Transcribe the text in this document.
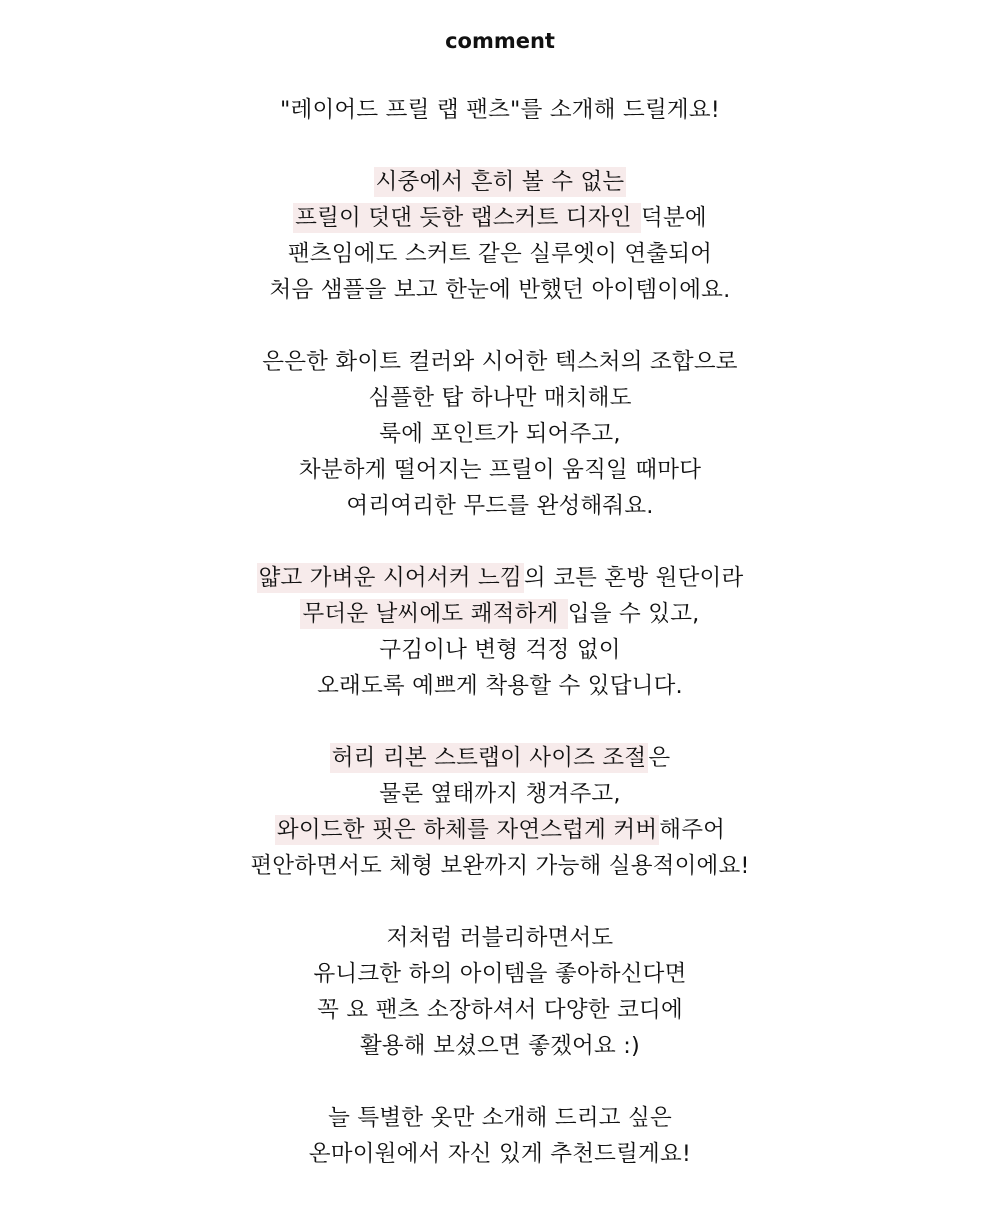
comment
"레이어드 프릴 랩 팬츠"를 소개해 드릴게요!
시중에서 흔히 볼 수 없는
프릴이 덧댄 듯한 랩스커트 디자인 덕분에
팬츠임에도 스커트 같은 실루엣이 연출되어
처음 샘플을 보고 한눈에 반했던 아이템이에요.
은은한 화이트 컬러와 시어한 텍스처의 조합으로
심플한 탑 하나만 매치해도
룩에 포인트가 되어주고,
차분하게 떨어지는 프릴이 움직일 때마다
여리여리한 무드를 완성해줘요.
얇고 가벼운 시어서커 느낌의 코튼 혼방 원단이라
무더운 날씨에도 쾌적하게 입을 수 있고,
구김이나 변형 걱정 없이
오래도록 예쁘게 착용할 수 있답니다.
허리 리본 스트랩이 사이즈 조절은
물론 옆태까지 챙겨주고,
와이드한 핏은 하체를 자연스럽게 커버해주어
편안하면서도 체형 보완까지 가능해 실용적이에요!
저처럼 러블리하면서도
유니크한 하의 아이템을 좋아하신다면
꼭 요 팬츠 소장하셔서 다양한 코디에
활용해 보셨으면 좋겠어요 :)
늘 특별한 옷만 소개해 드리고 싶은
온마이원에서 자신 있게 추천드릴게요!
